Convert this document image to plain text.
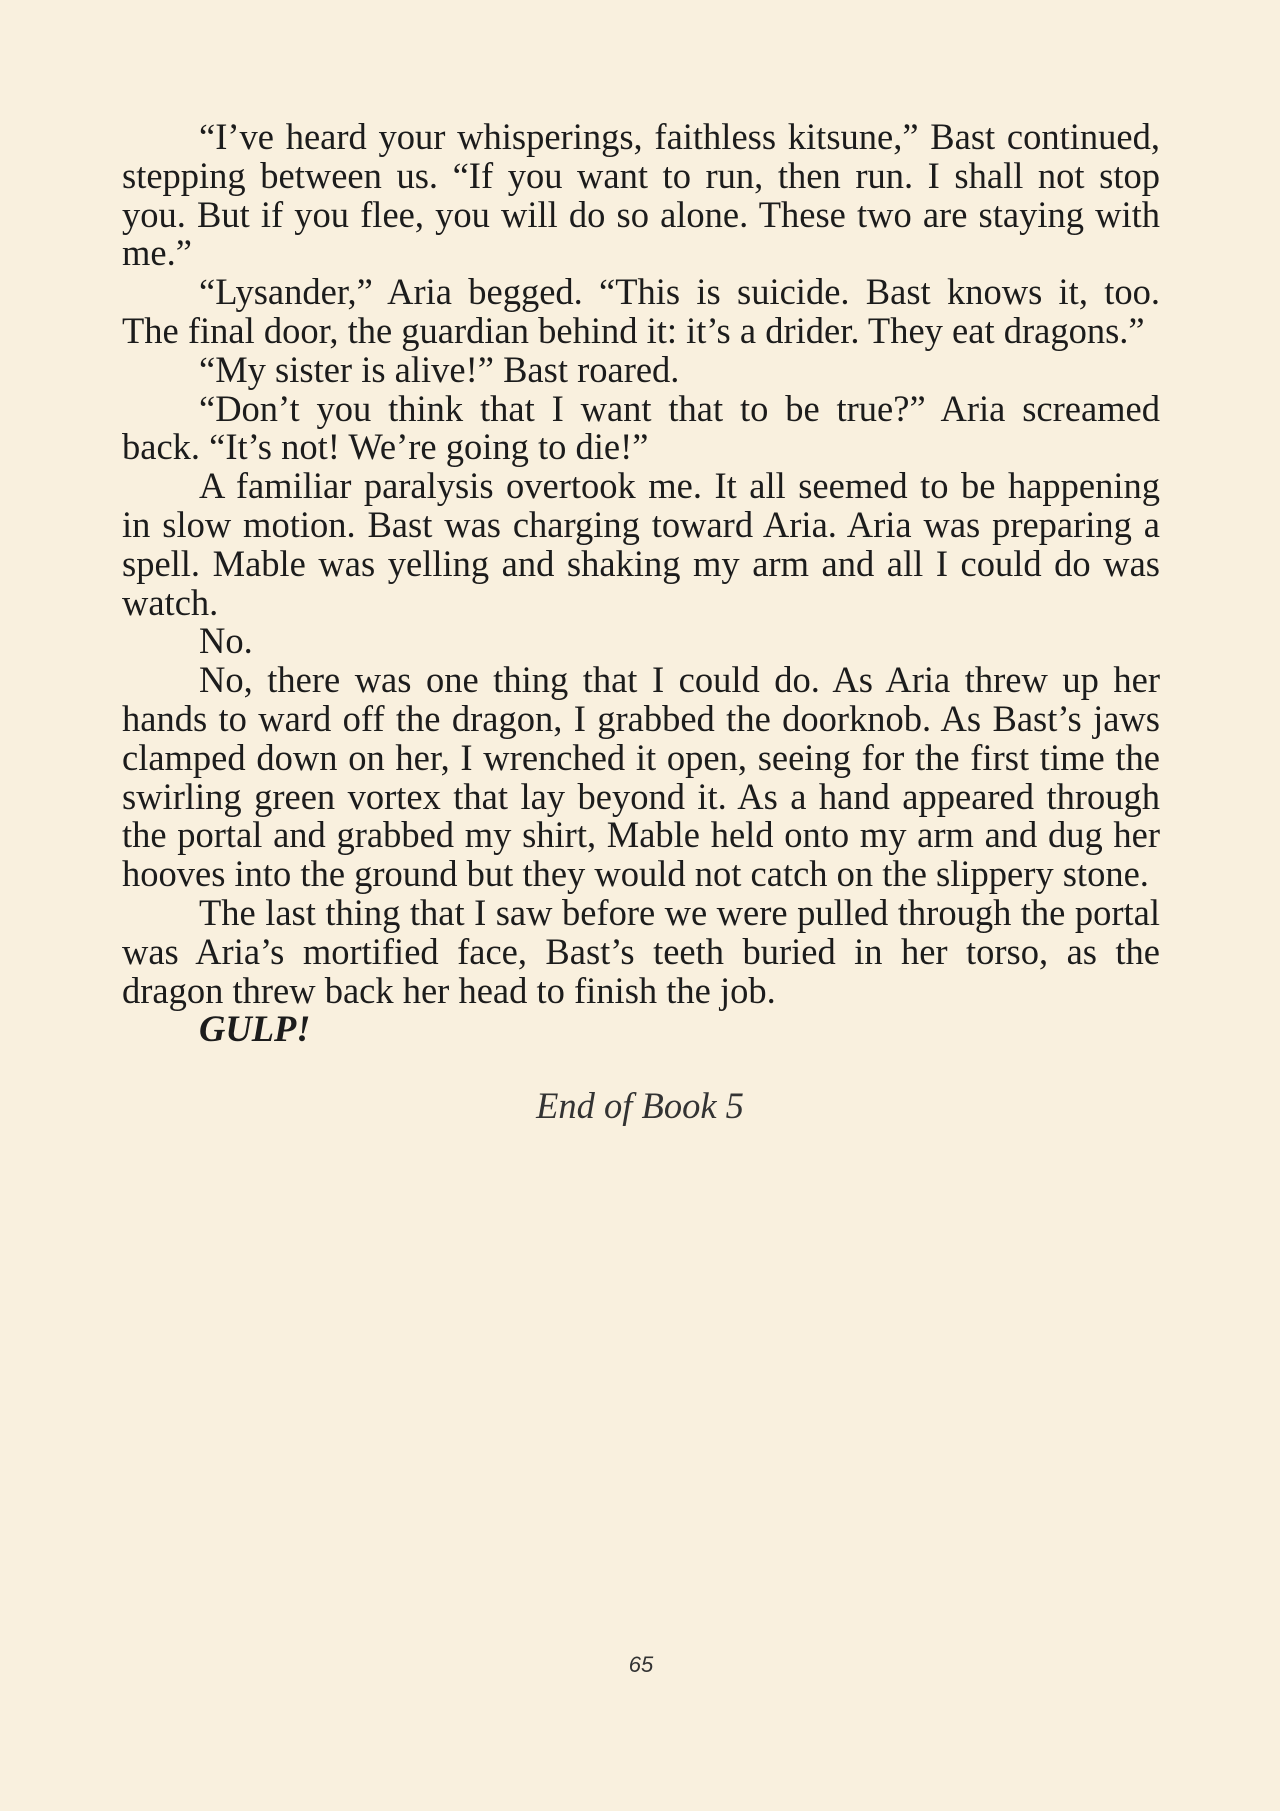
“I’ve heard your whisperings, faithless kitsune,” Bast continued, stepping between us. “If you want to run, then run. I shall not stop you. But if you flee, you will do so alone. These two are staying with me.”

“Lysander,” Aria begged. “This is suicide. Bast knows it, too. The final door, the guardian behind it: it’s a drider. They eat dragons.”

“My sister is alive!” Bast roared.

“Don’t you think that I want that to be true?” Aria screamed back. “It’s not! We’re going to die!”

A familiar paralysis overtook me. It all seemed to be happening in slow motion. Bast was charging toward Aria. Aria was preparing a spell. Mable was yelling and shaking my arm and all I could do was watch.

No.

No, there was one thing that I could do. As Aria threw up her hands to ward off the dragon, I grabbed the doorknob. As Bast’s jaws clamped down on her, I wrenched it open, seeing for the first time the swirling green vortex that lay beyond it. As a hand appeared through the portal and grabbed my shirt, Mable held onto my arm and dug her hooves into the ground but they would not catch on the slippery stone.

The last thing that I saw before we were pulled through the portal was Aria’s mortified face, Bast’s teeth buried in her torso, as the dragon threw back her head to finish the job.

GULP!

End of Book 5
65
